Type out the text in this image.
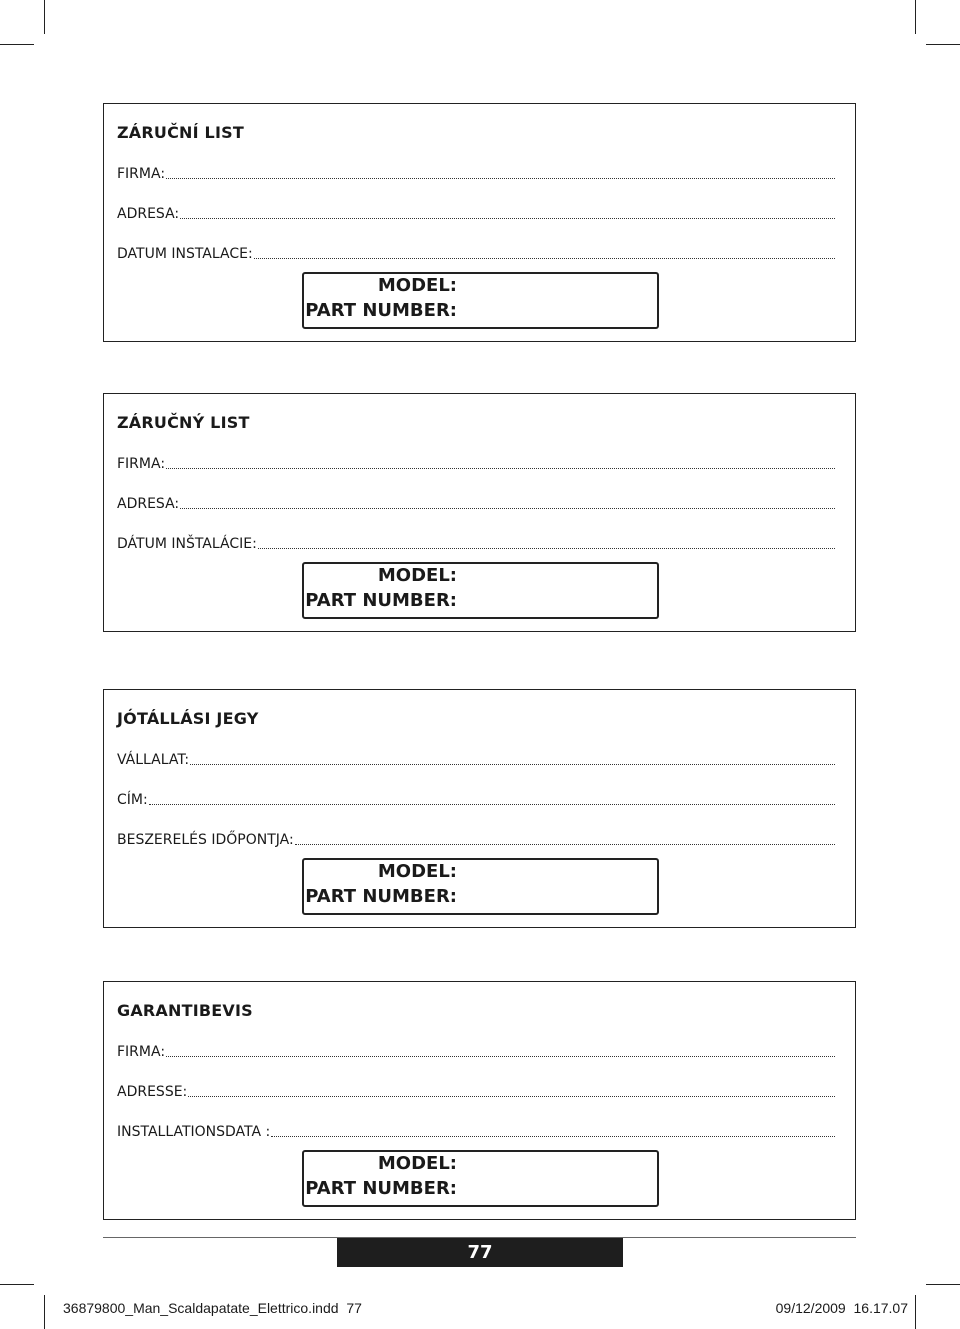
ZÁRUČNÍ LIST
FIRMA:
ADRESA:
DATUM INSTALACE:
MODEL:
PART NUMBER:
ZÁRUČNÝ LIST
FIRMA:
ADRESA:
DÁTUM INŠTALÁCIE:
MODEL:
PART NUMBER:
JÓTÁLLÁSI JEGY
VÁLLALAT:
CÍM:
BESZERELÉS IDŐPONTJA:
MODEL:
PART NUMBER:
GARANTIBEVIS
FIRMA:
ADRESSE:
INSTALLATIONSDATA :
MODEL:
PART NUMBER:
77
36879800_Man_Scaldapatate_Elettrico.indd 77	09/12/2009 16.17.07
